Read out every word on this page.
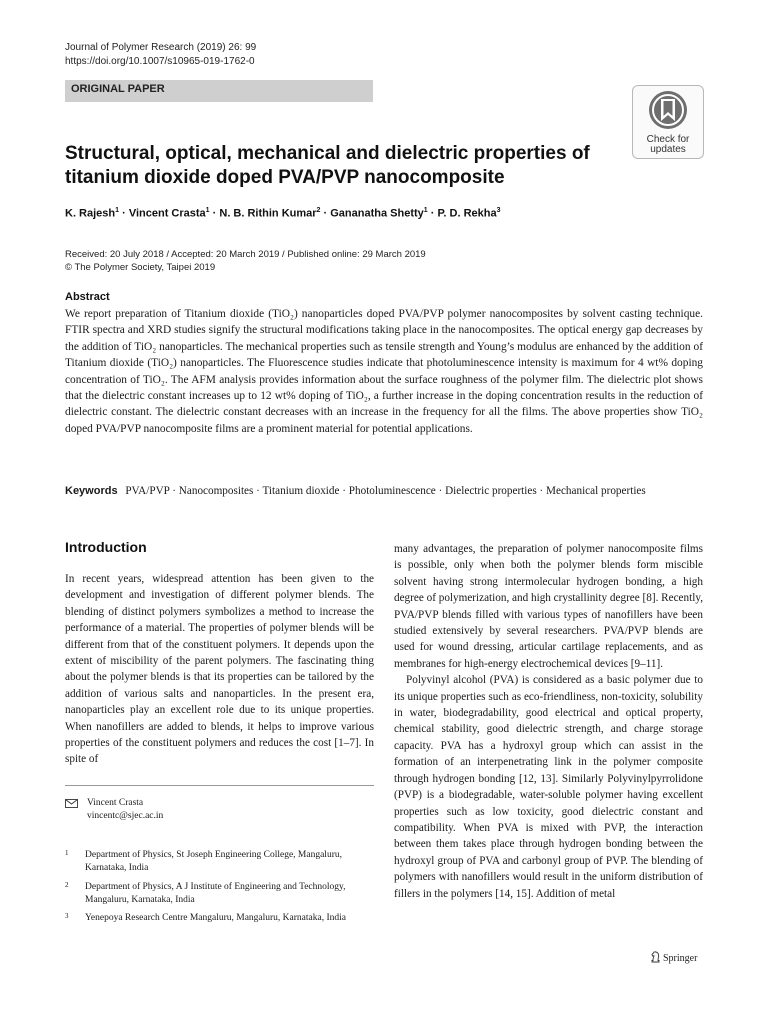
Journal of Polymer Research (2019) 26: 99
https://doi.org/10.1007/s10965-019-1762-0
ORIGINAL PAPER
Check for
updates
Structural, optical, mechanical and dielectric properties of titanium dioxide doped PVA/PVP nanocomposite
K. Rajesh$^1$ · Vincent Crasta$^1$ · N. B. Rithin Kumar$^2$ · Gananatha Shetty$^1$ · P. D. Rekha$^3$
Received: 20 July 2018 / Accepted: 20 March 2019 / Published online: 29 March 2019
© The Polymer Society, Taipei 2019
Abstract
We report preparation of Titanium dioxide (TiO₂) nanoparticles doped PVA/PVP polymer nanocomposites by solvent casting technique. FTIR spectra and XRD studies signify the structural modifications taking place in the nanocomposites. The optical energy gap decreases by the addition of TiO₂ nanoparticles. The mechanical properties such as tensile strength and Young’s modulus are enhanced by the addition of Titanium dioxide (TiO₂) nanoparticles. The Fluorescence studies indicate that photoluminescence intensity is maximum for 4 wt% doping concentration of TiO₂. The AFM analysis provides information about the surface roughness of the polymer film. The dielectric plot shows that the dielectric constant increases up to 12 wt% doping of TiO₂, a further increase in the doping concentration results in the reduction of dielectric constant. The dielectric constant decreases with an increase in the frequency for all the films. The above properties show TiO₂ doped PVA/PVP nanocomposite films are a prominent material for potential applications.
Keywords PVA/PVP · Nanocomposites · Titanium dioxide · Photoluminescence · Dielectric properties · Mechanical properties
Introduction

In recent years, widespread attention has been given to the development and investigation of different polymer blends. The blending of distinct polymers symbolizes a method to increase the performance of a material. The properties of polymer blends will be different from that of the constituent polymers. It depends upon the extent of miscibility of the parent polymers. The fascinating thing about the polymer blends is that its properties can be tailored by the addition of various salts and nanoparticles. In the present era, nanoparticles play an excellent role due to its unique properties. When nanofillers are added to blends, it helps to improve various properties of the constituent polymers and reduces the cost [1–7]. In spite of

many advantages, the preparation of polymer nanocomposite films is possible, only when both the polymer blends form miscible solvent having strong intermolecular hydrogen bonding, a high degree of polymerization, and high crystallinity degree [8]. Recently, PVA/PVP blends filled with various types of nanofillers have been studied extensively by several researchers. PVA/PVP blends are used for wound dressing, articular cartilage replacements, and as membranes for high-energy electrochemical devices [9–11].

Polyvinyl alcohol (PVA) is considered as a basic polymer due to its unique properties such as eco-friendliness, non-toxicity, solubility in water, biodegradability, good electrical and optical property, chemical stability, good dielectric strength, and charge storage capacity. PVA has a hydroxyl group which can assist in the formation of an interpenetrating link in the polymer composite through hydrogen bonding [12, 13]. Similarly Polyvinylpyrrolidone (PVP) is a biodegradable, water-soluble polymer having excellent properties such as low toxicity, good dielectric constant and compatibility. When PVA is mixed with PVP, the interaction between them takes place through hydrogen bonding between the hydroxyl group of PVA and carbonyl group of PVP. The blending of polymers with nanofillers would result in the uniform distribution of fillers in the polymers [14, 15]. Addition of metal

Vincent Crasta
vincentc@sjec.ac.in
1 Department of Physics, St Joseph Engineering College, Mangaluru, Karnataka, India
2 Department of Physics, A J Institute of Engineering and Technology, Mangaluru, Karnataka, India
3 Yenepoya Research Centre Mangaluru, Mangaluru, Karnataka, India
Springer
